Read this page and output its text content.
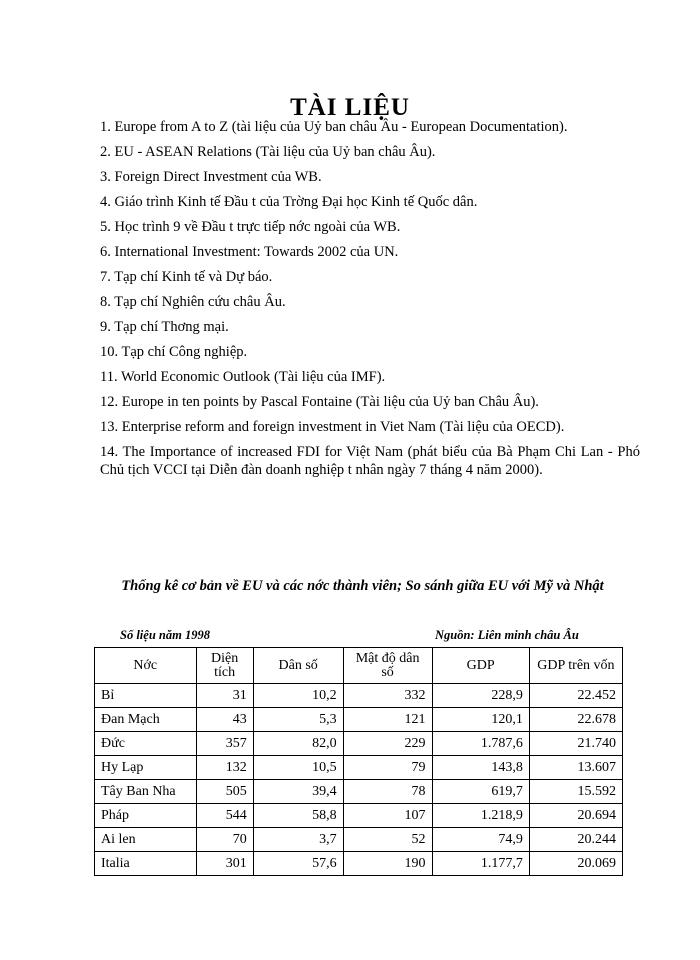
TÀI LIỆU
1. Europe from A to Z (tài liệu của Uỷ ban châu Âu - European Documentation).
2. EU - ASEAN Relations (Tài liệu của Uỷ ban châu Âu).
3. Foreign Direct Investment của WB.
4. Giáo trình Kinh tế Đầu t của Trờng Đại học Kinh tế Quốc dân.
5. Học trình 9 về Đầu t trực tiếp nớc ngoài của WB.
6. International Investment: Towards 2002 của UN.
7. Tạp chí Kinh tế và Dự báo.
8. Tạp chí Nghiên cứu châu Âu.
9. Tạp chí Thơng mại.
10. Tạp chí Công nghiệp.
11. World Economic Outlook (Tài liệu của IMF).
12. Europe in ten points by Pascal Fontaine (Tài liệu của Uỷ ban Châu Âu).
13. Enterprise reform and foreign investment in Viet Nam (Tài liệu của OECD).
14. The Importance of increased FDI for Việt Nam (phát biểu của Bà Phạm Chi Lan - Phó Chủ tịch VCCI tại Diễn đàn doanh nghiệp t nhân ngày 7 tháng 4 năm 2000).
Thống kê cơ bản về EU và các nớc thành viên; So sánh giữa EU với Mỹ và Nhật
Số liệu năm 1998	Nguồn: Liên minh châu Âu
Nớc	Diện tích	Dân số	Mật độ dân số	GDP	GDP trên vốn
Bỉ	31	10,2	332	228,9	22.452
Đan Mạch	43	5,3	121	120,1	22.678
Đức	357	82,0	229	1.787,6	21.740
Hy Lạp	132	10,5	79	143,8	13.607
Tây Ban Nha	505	39,4	78	619,7	15.592
Pháp	544	58,8	107	1.218,9	20.694
Ai len	70	3,7	52	74,9	20.244
Italia	301	57,6	190	1.177,7	20.069
